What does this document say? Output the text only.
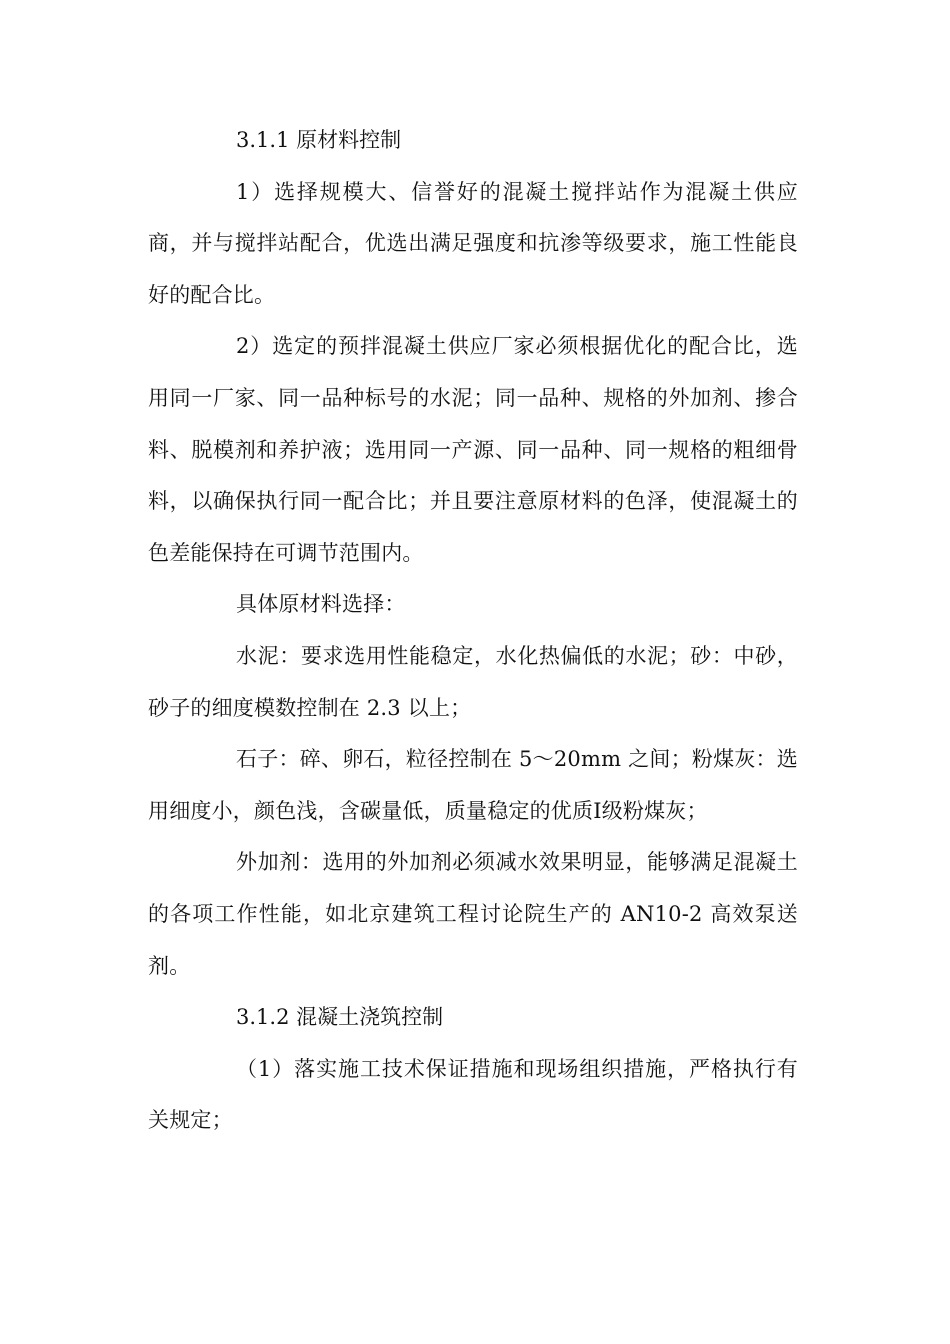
3.1.1 原材料控制

1）选择规模大、信誉好的混凝土搅拌站作为混凝土供应商，并与搅拌站配合，优选出满足强度和抗渗等级要求，施工性能良好的配合比。

2）选定的预拌混凝土供应厂家必须根据优化的配合比，选用同一厂家、同一品种标号的水泥；同一品种、规格的外加剂、掺合料、脱模剂和养护液；选用同一产源、同一品种、同一规格的粗细骨料，以确保执行同一配合比；并且要注意原材料的色泽，使混凝土的色差能保持在可调节范围内。

具体原材料选择：

水泥：要求选用性能稳定，水化热偏低的水泥；砂：中砂，砂子的细度模数控制在 2.3 以上；

石子：碎、卵石，粒径控制在 5～20mm 之间；粉煤灰：选用细度小，颜色浅，含碳量低，质量稳定的优质Ⅰ级粉煤灰；

外加剂：选用的外加剂必须减水效果明显，能够满足混凝土的各项工作性能，如北京建筑工程讨论院生产的 AN10-2 高效泵送剂。

3.1.2 混凝土浇筑控制

（1）落实施工技术保证措施和现场组织措施，严格执行有关规定；
